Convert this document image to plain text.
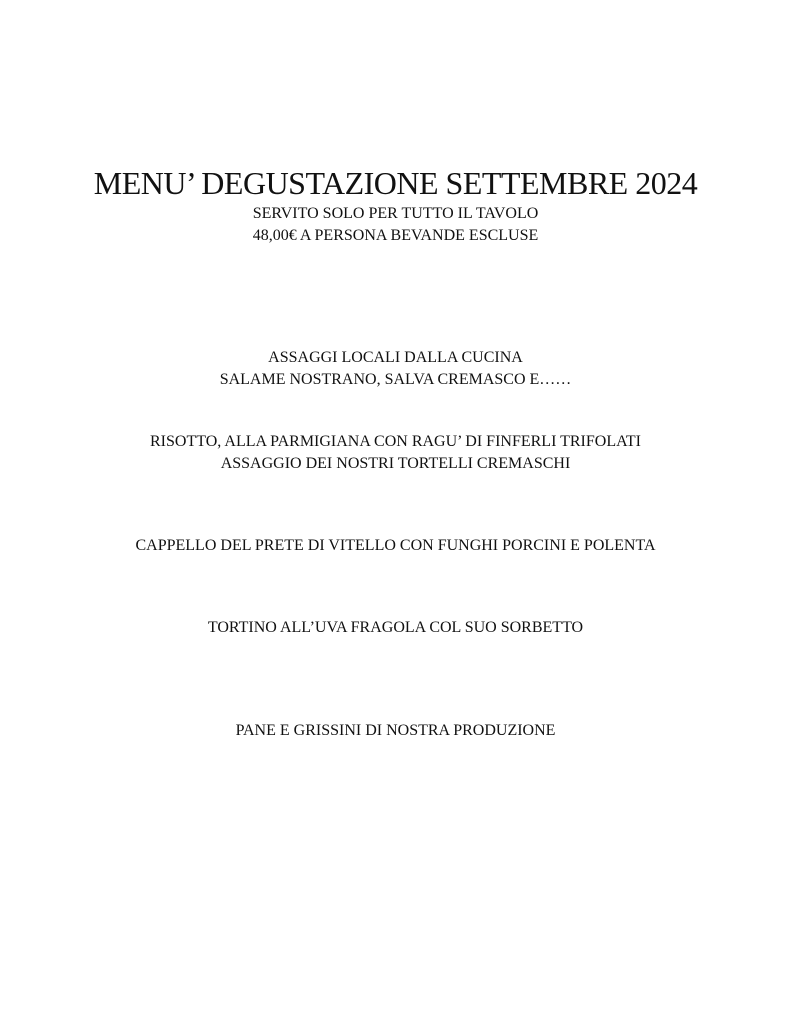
MENU’ DEGUSTAZIONE SETTEMBRE 2024
SERVITO SOLO PER TUTTO IL TAVOLO
48,00€ A PERSONA BEVANDE ESCLUSE
ASSAGGI LOCALI DALLA CUCINA
SALAME NOSTRANO, SALVA CREMASCO E……
RISOTTO, ALLA PARMIGIANA CON RAGU’ DI FINFERLI TRIFOLATI
ASSAGGIO DEI NOSTRI TORTELLI CREMASCHI
CAPPELLO DEL PRETE DI VITELLO CON FUNGHI PORCINI E POLENTA
TORTINO ALL’UVA FRAGOLA COL SUO SORBETTO
PANE E GRISSINI DI NOSTRA PRODUZIONE
